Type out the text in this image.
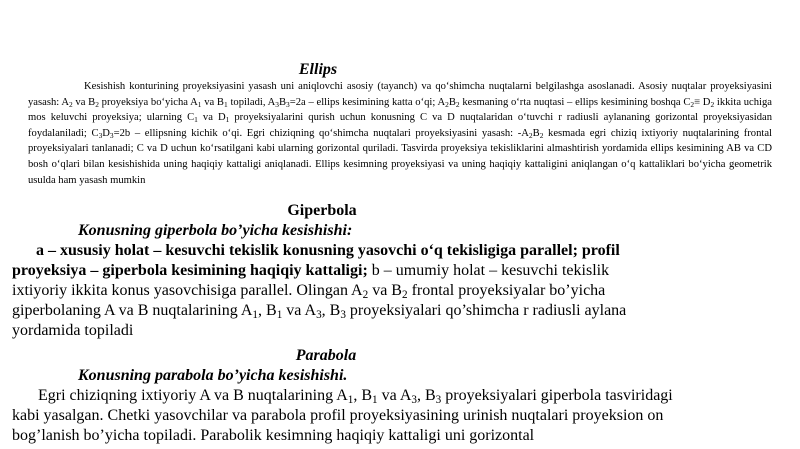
Ellips

Kesishish konturining proyeksiyasini yasash uni aniqlovchi asosiy (tayanch) va qo‘shimcha nuqtalarni belgilashga asoslanadi. Asosiy nuqtalar proyeksiyasini yasash: $A_2$ va $B_2$ proyeksiya bo‘yicha $A_1$ va $B_1$ topiladi, $A_3B_3=2a$ – ellips kesimining katta o‘qi; $A_2B_2$ kesmaning o‘rta nuqtasi – ellips kesimining boshqa $C_2\equiv D_2$ ikkita uchiga mos keluvchi proyeksiya; ularning $C_1$ va $D_1$ proyeksiyalarini qurish uchun konusning C va D nuqtalaridan o‘tuvchi r radiusli aylananing gorizontal proyeksiyasidan foydalaniladi; $C_3D_3=2b$ – ellipsning kichik o‘qi. Egri chiziqning qo‘shimcha nuqtalari proyeksiyasini yasash: $-A_2B_2$ kesmada egri chiziq ixtiyoriy nuqtalarining frontal proyeksiyalari tanlanadi; C va D uchun ko‘rsatilgani kabi ularning gorizontal quriladi. Tasvirda proyeksiya tekisliklarini almashtirish yordamida ellips kesimining AB va CD bosh o‘qlari bilan kesishishida uning haqiqiy kattaligi aniqlanadi. Ellips kesimning proyeksiyasi va uning haqiqiy kattaligini aniqlangan o‘q kattaliklari bo‘yicha geometrik usulda ham yasash mumkin

Giperbola
Konusning giperbola bo’yicha kesishishi:
a – xususiy holat – kesuvchi tekislik konusning yasovchi o‘q tekisligiga parallel; profil proyeksiya – giperbola kesimining haqiqiy kattaligi; b – umumiy holat – kesuvchi tekislik ixtiyoriy ikkita konus yasovchisiga parallel. Olingan $A_2$ va $B_2$ frontal proyeksiyalar bo’yicha giperbolaning A va B nuqtalarining $A_1$, $B_1$ va $A_3$, $B_3$ proyeksiyalari qo’shimcha r radiusli aylana yordamida topiladi
Parabola
Konusning parabola bo’yicha kesishishi.
Egri chiziqning ixtiyoriy A va B nuqtalarining $A_1$, $B_1$ va $A_3$, $B_3$ proyeksiyalari giperbola tasviridagi kabi yasalgan. Chetki yasovchilar va parabola profil proyeksiyasining urinish nuqtalari proyeksion on bog’lanish bo’yicha topiladi. Parabolik kesimning haqiqiy kattaligi uni gorizontal
